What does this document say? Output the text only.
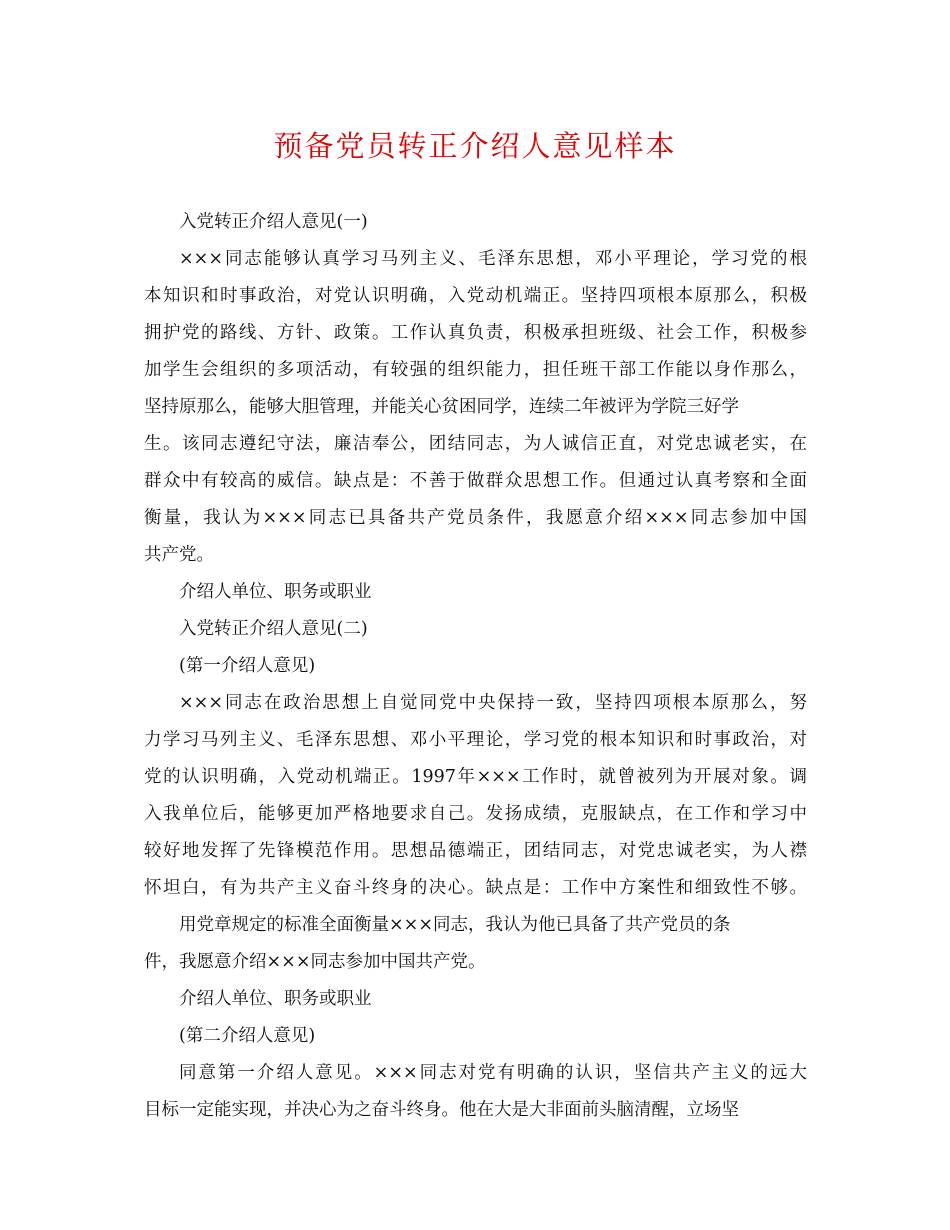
预备党员转正介绍人意见样本
入党转正介绍人意见(一)
×××同志能够认真学习马列主义、毛泽东思想，邓小平理论，学习党的根
本知识和时事政治，对党认识明确，入党动机端正。坚持四项根本原那么，积极
拥护党的路线、方针、政策。工作认真负责，积极承担班级、社会工作，积极参
加学生会组织的多项活动，有较强的组织能力，担任班干部工作能以身作那么，
坚持原那么，能够大胆管理，并能关心贫困同学，连续二年被评为学院三好学
生。该同志遵纪守法，廉洁奉公，团结同志，为人诚信正直，对党忠诚老实，在
群众中有较高的威信。缺点是：不善于做群众思想工作。但通过认真考察和全面
衡量，我认为×××同志已具备共产党员条件，我愿意介绍×××同志参加中国
共产党。
介绍人单位、职务或职业
入党转正介绍人意见(二)
(第一介绍人意见)
×××同志在政治思想上自觉同党中央保持一致，坚持四项根本原那么，努
力学习马列主义、毛泽东思想、邓小平理论，学习党的根本知识和时事政治，对
党的认识明确，入党动机端正。1997年×××工作时，就曾被列为开展对象。调
入我单位后，能够更加严格地要求自己。发扬成绩，克服缺点，在工作和学习中
较好地发挥了先锋模范作用。思想品德端正，团结同志，对党忠诚老实，为人襟
怀坦白，有为共产主义奋斗终身的决心。缺点是：工作中方案性和细致性不够。
用党章规定的标准全面衡量×××同志，我认为他已具备了共产党员的条
件，我愿意介绍×××同志参加中国共产党。
介绍人单位、职务或职业
(第二介绍人意见)
同意第一介绍人意见。×××同志对党有明确的认识，坚信共产主义的远大
目标一定能实现，并决心为之奋斗终身。他在大是大非面前头脑清醒，立场坚
